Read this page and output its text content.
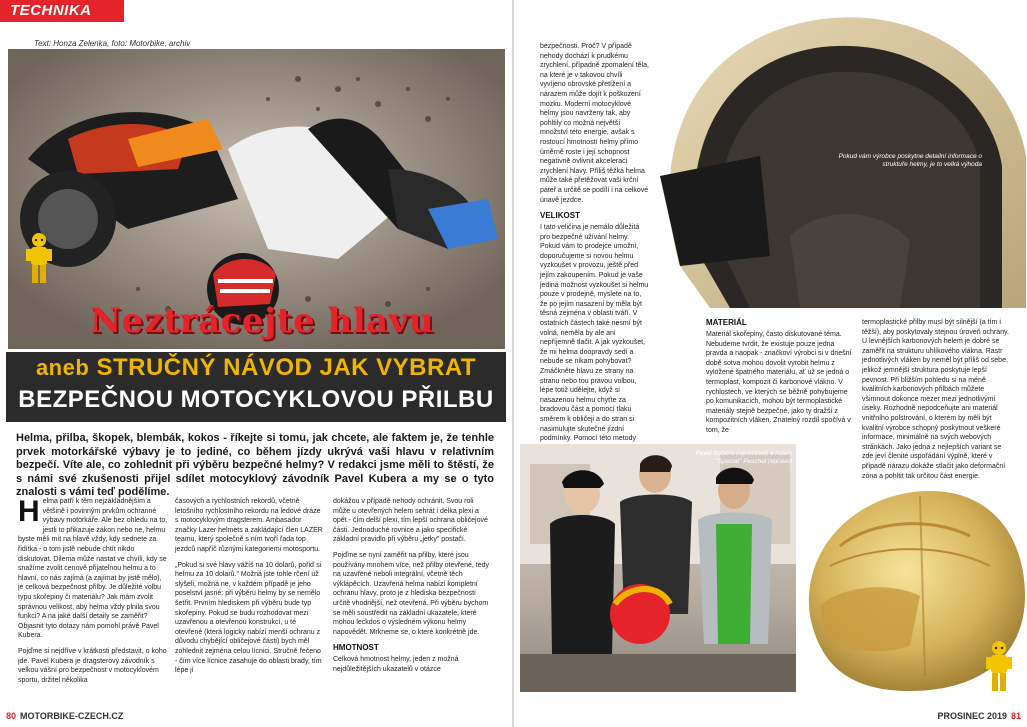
TECHNIKA
Text: Honza Zelenka, foto: Motorbike, archiv
Neztrácejte hlavu
aneb STRUČNÝ NÁVOD JAK VYBRAT
BEZPEČNOU MOTOCYKLOVOU PŘILBU
Helma, přilba, škopek, blembák, kokos - říkejte si tomu, jak chcete, ale faktem je, že tenhle prvek motorkářské výbavy je to jediné, co během jízdy ukrývá vaši hlavu v relativním bezpečí. Víte ale, co zohlednit při výběru bezpečné helmy? V redakci jsme měli to štěstí, že s námi své zkušenosti přijel sdílet motocyklový závodník Pavel Kubera a my se o tyto znalosti s vámi teď podělíme.

Helma patří k těm nejzákladnějším a většině i povinným prvkům ochranné výbavy motorkáře. Ale bez ohledu na to, jestli to přikazuje zákon nebo ne, helmu byste měli mít na hlavě vždy, kdy sednete za řidítka - o tom jistě nebude chtít nikdo diskutovat. Dilema může nastat ve chvíli, kdy se snažíme zvolit cenově přijatelnou helmu a to hlavní, co nás zajímá (a zajímat by jistě mělo), je celková bezpečnost přilby. Je důležité volbu typu skořepiny či materiálu? Jak mám zvolit správnou velikost, aby helma vždy plnila svou funkci? A na jaké další detaily se zaměřit? Objasnit tyto dotazy nám pomohl právě Pavel Kubera.

Pojďme si nejdříve v krátkosti představit, o koho jde. Pavel Kubera je dragsterový závodník s velkou vášní pro bezpečnost v motocyklovém sportu, držitel několika

časových a rychlostních rekordů, včetně letošního rychlostního rekordu na ledové dráze s motocyklovým dragsterem. Ambasador značky Lazer helmets a zakládající člen LAZER teamu, který společně s ním tvoří řada top jezdců napříč různými kategoriemi motosportu.

„Pokud si své hlavy vážíš na 10 dolarů, pořiď si helmu za 10 dolarů." Možná jste tohle rčení už slyšeli, možná ne, v každém případě je jeho poselství jasné: při výběru helmy by se nemělo šetřit. Prvním hlediskem při výběru bude typ skořepiny. Pokud se budu rozhodovat mezi uzavřenou a otevřenou konstrukcí, u té otevřené (která logicky nabízí menší ochranu z důvodu chybějící obličejové části) bych měl zohlednit zejména celou lícnici. Stručně řečeno - čím více lícnice zasahuje do oblasti brady, tím lépe jí

dokážou v případě nehody ochránit. Svou roli může u otevřených helem sehrát i délka plexi a opět - čím delší plexi, tím lepší ochrana obličejové části. Jednoduché rovnice a jako specifické základní pravidlo při výběru „jetky" postačí.

Pojďme se nyní zaměřit na přilby, které jsou používány mnohem více, než přilby otevřené, tedy na uzavřené neboli integrální, včetně těch výklápěcích. Uzavřená helma nabízí kompletní ochranu hlavy, proto je z hlediska bezpečnosti určitě vhodnější, než otevřená. Při výběru bychom se měli soustředit na základní ukazatele, které mohou leckdos o výsledném výkonu helmy napovědět. Mrkneme se, o které konkrétně jde.

HMOTNOST

Celková hmotnost helmy, jeden z možná nejdůležitějších ukazatelů v otázce

80 MOTORBIKE-CZECH.CZ

bezpečnosti. Proč? V případě nehody dochází k prudkému zrychlení, případně zpomalení těla, na které je v takovou chvíli vyvíjeno obrovské přetížení a nárazem může dojít k poškození mozku. Moderní motocyklové helmy jsou navrženy tak, aby pohltily co možná největší množství této energie, avšak s rostoucí hmotností helmy přímo úměrně roste i její schopnost negativně ovlivnit akceleraci zrychlení hlavy. Příliš těžká helma může také přetěžovat vaši krční páteř a určitě se podílí i na celkové únavě jezdce.

VELIKOST

I tato veličina je nemálo důležitá pro bezpečné užívání helmy. Pokud vám to prodejce umožní, doporučujeme si novou helmu vyzkoušet v provozu, ještě před jejím zakoupením. Pokud je vaše jediná možnost vyzkoušet si helmu pouze v prodejně, myslete na to, že po jejím nasazení by měla být těsná zejména v oblasti tváří. V ostatních částech také nesmí být volná, neměla by ale ani nepříjemně tlačit. A jak vyzkoušet, že mi helma doopravdy sedí a nebude se nikam pohybovat? Zmáčkněte hlavu ze strany na stranu nebo tou pravou volbou, lépe totiž udělejte, když si nasazenou helmu chyťte za bradovou část a pomocí tlaku směrem k obličeji a do stran si nasimulujte skutečné jízdní podmínky. Pomocí této metody

Pokud vám výrobce poskytne detailní informace o struktuře helmy, je to velká výhoda
MATERIÁL

Materiál skořepiny, často diskutované téma. Nebudeme tvrdit, že existuje pouze jedna pravda a naopak - značkoví výrobci si v dnešní době sotva mohou dovolit vyrobit helmu z vyložené špatného materiálu, ať už se jedná o termoplast, kompozit či karbonové vlákno. V rychlostech, ve kterých se běžně pohybujeme po komunikacích, mohou být termoplastické materiály stejně bezpečné, jako ty dražší z kompozitních vláken. Znatelný rozdíl spočívá v tom, že

termoplastické přilby musí být silnější (a tím i těžší), aby poskytovaly stejnou úroveň ochrany. U levnějších karbonových helem je dobré se zaměřit na strukturu uhlíkového vlákna. Rastr jednotlivých vláken by neměl být příliš od sebe, jelikož jemnější struktura poskytuje lepší pevnost. Při bližším pohledu si na méně kvalitních karbonových přilbách můžete všimnout dokonce mezer mezi jednotlivými úseky. Rozhodně nepodceňujte ani materiál vnitřního polstrování, o kterém by měli být kvalitní výrobce schopný poskytnout veškeré informace, minimálně na svých webových stránkách. Jako jedna z nejlepších variant se zde jeví členité uspořádání výplně, které v případě nárazu dokáže stlačit jako deformační zóna a pohltit tak určitou část energie.

Pavel Kubera (uprostřed) a Adam "Special" Peschel (vpravo)
PROSINEC 2019 81
